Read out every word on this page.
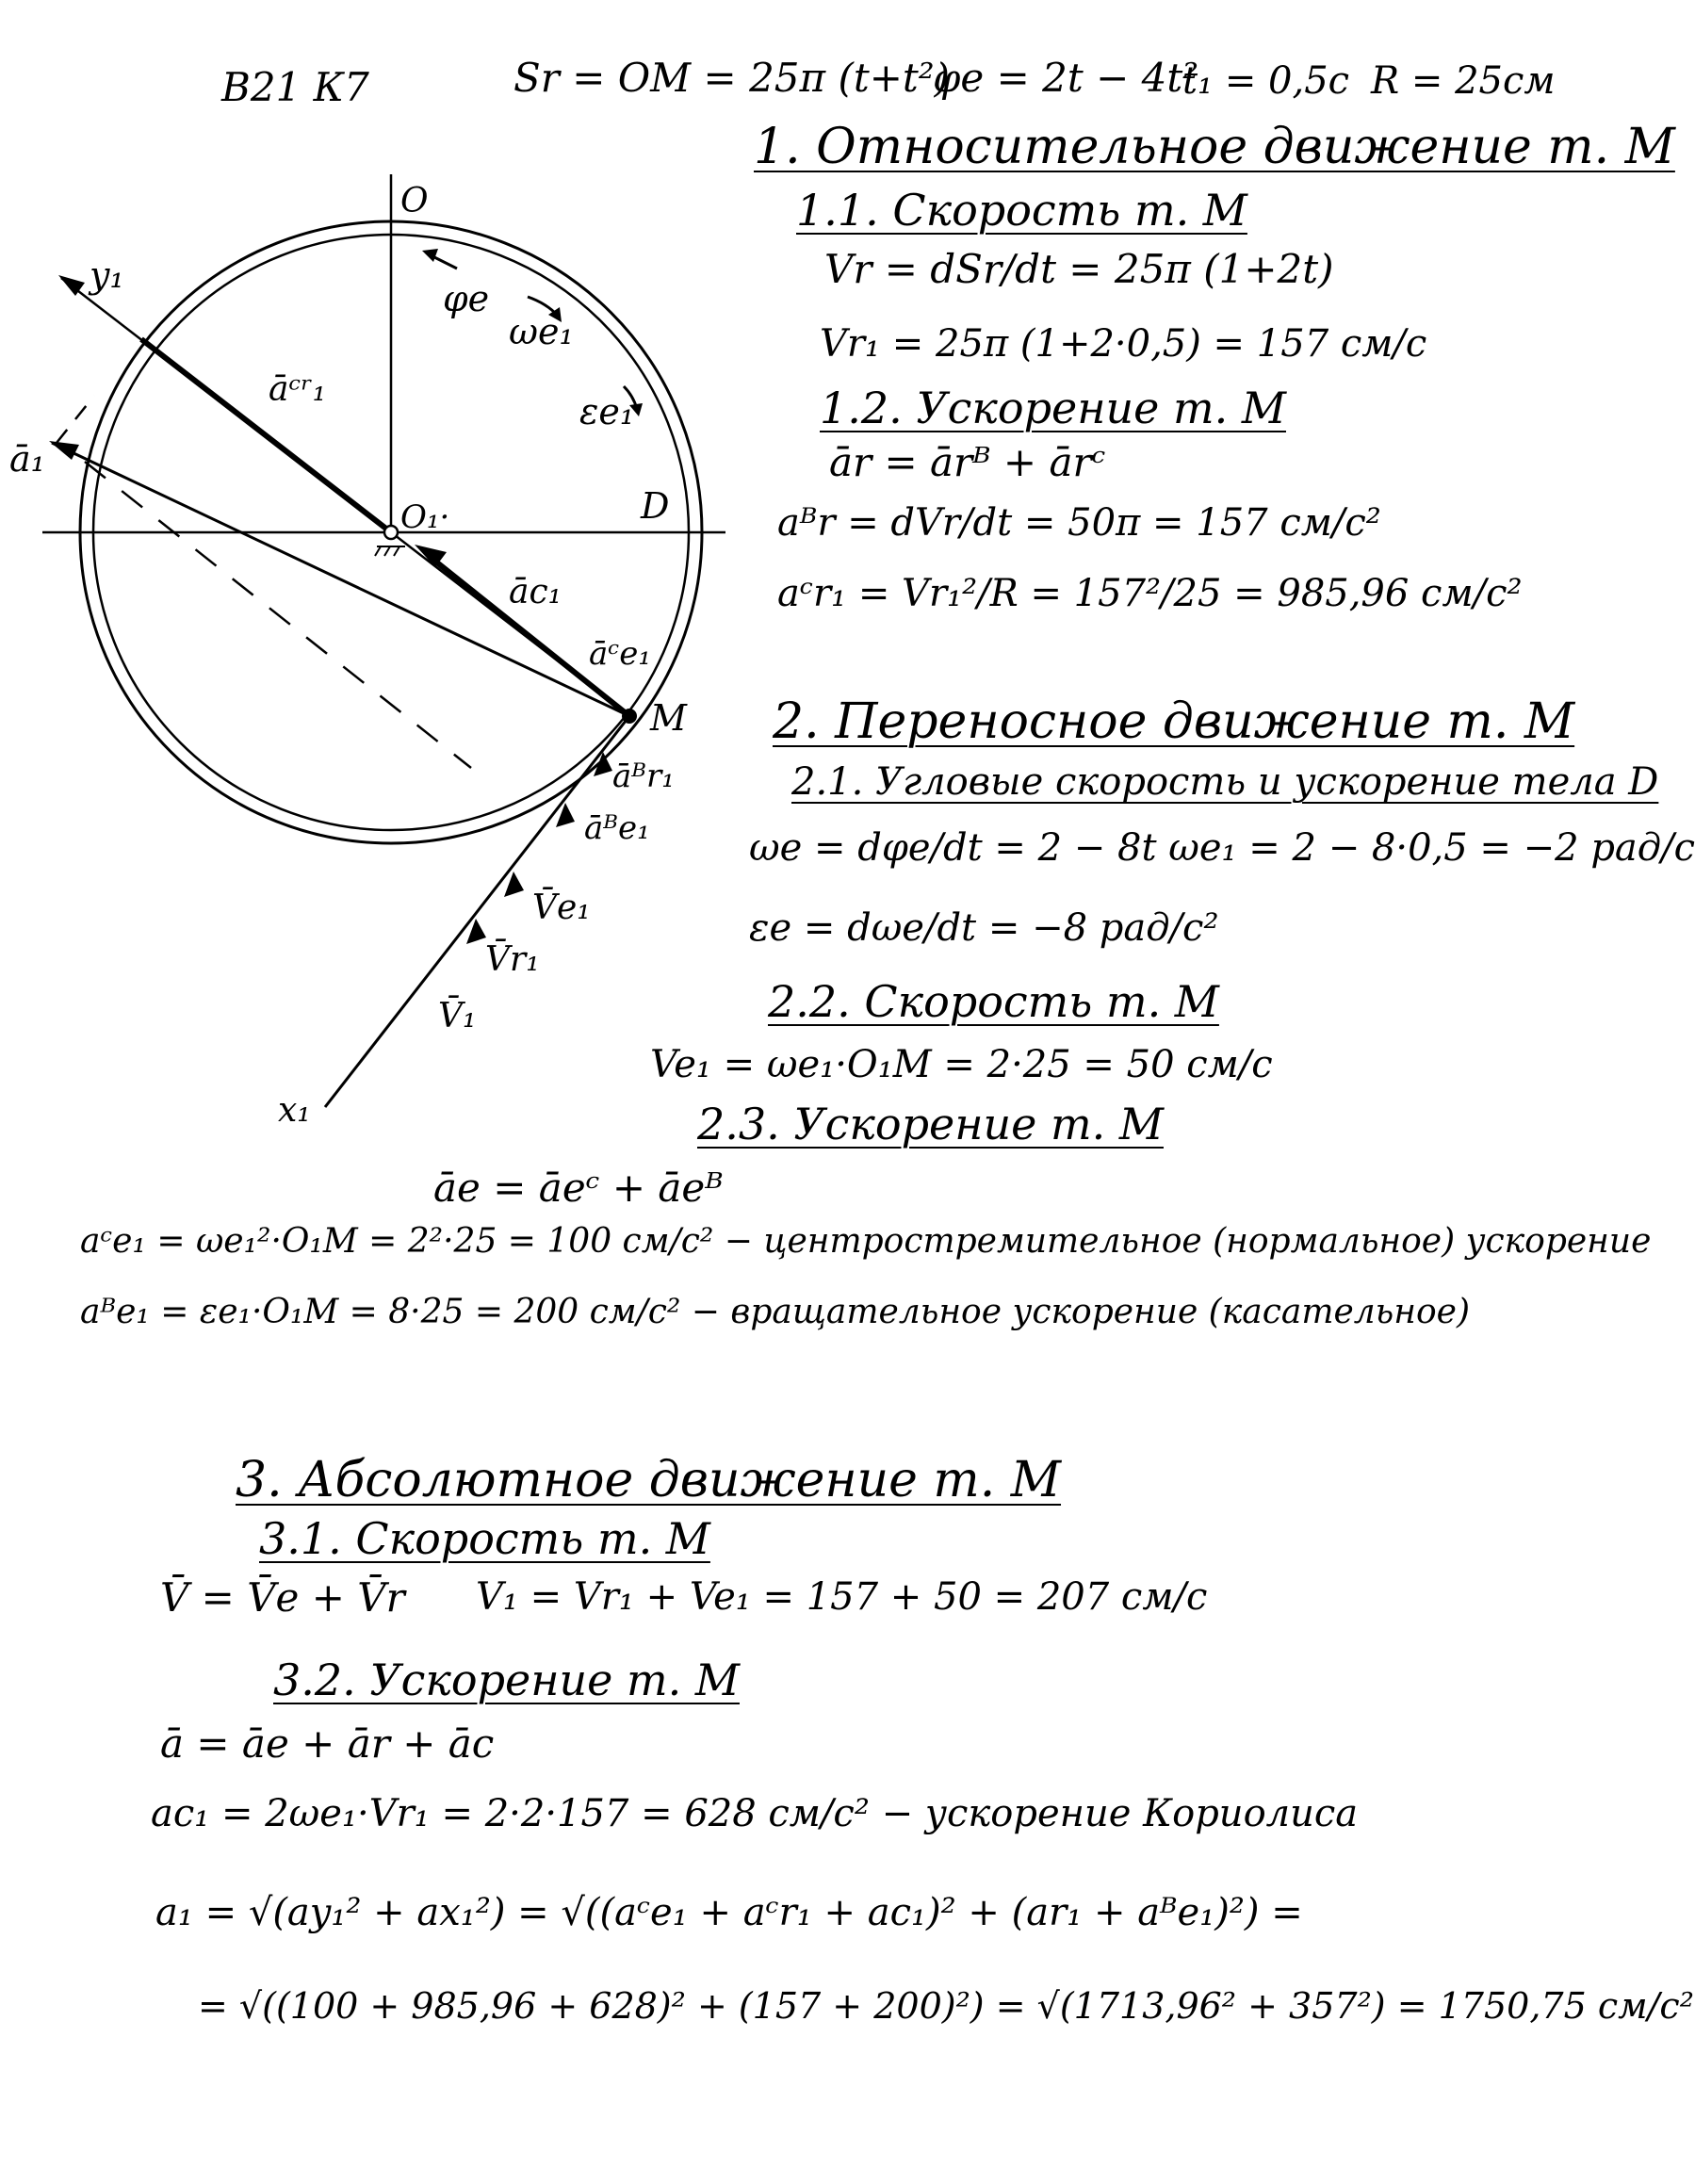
O
O₁·	D
M
y₁
x₁
ā₁
φe
ωe₁
εe₁
āᶜʳ₁
āc₁
āᶜe₁
āᴮr₁
āᴮe₁
V̄e₁
V̄r₁
V̄₁
В21 К7	Sr = OM = 25π (t+t²)
φe = 2t − 4t²
t₁ = 0,5c R = 25см
1. Относительное движение т. М
1.1. Скорость т. М
Vr = dSr/dt = 25π (1+2t)
Vr₁ = 25π (1+2·0,5) = 157 см/с
1.2. Ускорение т. М
ār = ārᴮ + ārᶜ
aᴮr = dVr/dt = 50π = 157 см/с²
aᶜr₁ = Vr₁²/R = 157²/25 = 985,96 см/с²
2. Переносное движение т. М
2.1. Угловые скорость и ускорение тела D
ωe = dφe/dt = 2 − 8t ωe₁ = 2 − 8·0,5 = −2 рад/с
εe = dωe/dt = −8 рад/с²
2.2. Скорость т. М
Ve₁ = ωe₁·O₁M = 2·25 = 50 см/с
2.3. Ускорение т. М
āe = āeᶜ + āeᴮ
aᶜe₁ = ωe₁²·O₁M = 2²·25 = 100 см/с² − центростремительное (нормальное) ускорение
aᴮe₁ = εe₁·O₁M = 8·25 = 200 см/с² − вращательное ускорение (касательное)
3. Абсолютное движение т. М
3.1. Скорость т. М
V̄ = V̄e + V̄r V₁ = Vr₁ + Ve₁ = 157 + 50 = 207 см/с
3.2. Ускорение т. М
ā = āe + ār + āc
ac₁ = 2ωe₁·Vr₁ = 2·2·157 = 628 см/с² − ускорение Кориолиса
a₁ = √(ay₁² + ax₁²) = √((aᶜe₁ + aᶜr₁ + ac₁)² + (ar₁ + aᴮe₁)²) =
= √((100 + 985,96 + 628)² + (157 + 200)²) = √(1713,96² + 357²) = 1750,75 см/с²
